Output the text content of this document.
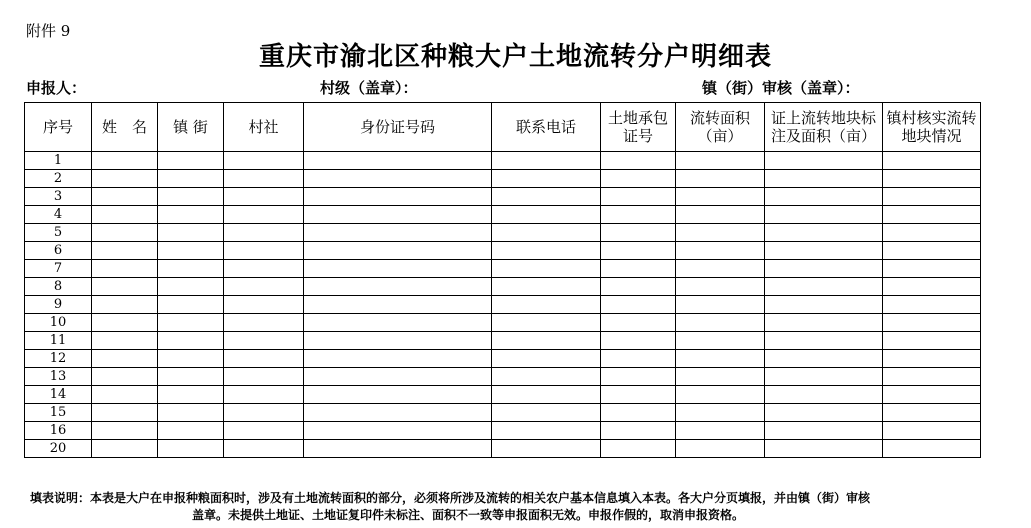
附件 9
重庆市渝北区种粮大户土地流转分户明细表
申报人：	村级（盖章）：	镇（街）审核（盖章）：
序号	姓　名	镇 街	村社	身份证号码	联系电话	土地承包证号	流转面积（亩）	证上流转地块标注及面积（亩）	镇村核实流转地块情况
1									
2									
3									
4									
5									
6									
7									
8									
9									
10									
11									
12									
13									
14									
15									
16									
20									
填表说明：本表是大户在申报种粮面积时，涉及有土地流转面积的部分，必须将所涉及流转的相关农户基本信息填入本表。各大户分页填报，并由镇（街）审核
盖章。未提供土地证、土地证复印件未标注、面积不一致等申报面积无效。申报作假的，取消申报资格。
